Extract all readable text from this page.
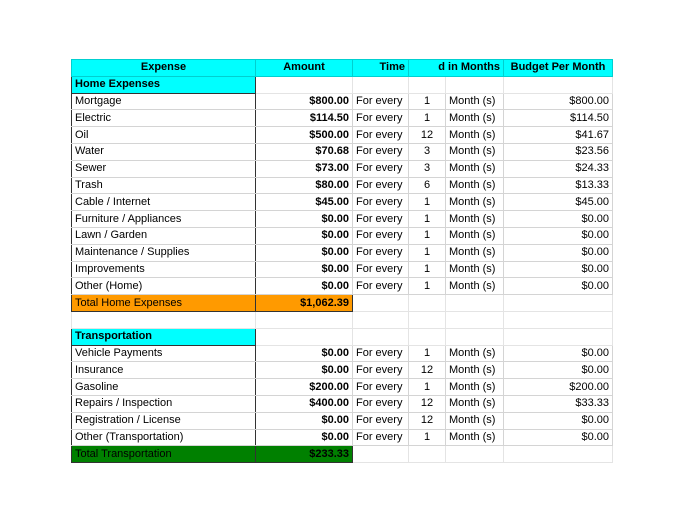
Expense	Amount	Time	d in Months		Budget Per Month
Home Expenses					
Mortgage	$800.00	For every	1	Month (s)	$800.00
Electric	$114.50	For every	1	Month (s)	$114.50
Oil	$500.00	For every	12	Month (s)	$41.67
Water	$70.68	For every	3	Month (s)	$23.56
Sewer	$73.00	For every	3	Month (s)	$24.33
Trash	$80.00	For every	6	Month (s)	$13.33
Cable / Internet	$45.00	For every	1	Month (s)	$45.00
Furniture / Appliances	$0.00	For every	1	Month (s)	$0.00
Lawn / Garden	$0.00	For every	1	Month (s)	$0.00
Maintenance / Supplies	$0.00	For every	1	Month (s)	$0.00
Improvements	$0.00	For every	1	Month (s)	$0.00
Other (Home)	$0.00	For every	1	Month (s)	$0.00
Total Home Expenses	$1,062.39				

Transportation					
Vehicle Payments	$0.00	For every	1	Month (s)	$0.00
Insurance	$0.00	For every	12	Month (s)	$0.00
Gasoline	$200.00	For every	1	Month (s)	$200.00
Repairs / Inspection	$400.00	For every	12	Month (s)	$33.33
Registration / License	$0.00	For every	12	Month (s)	$0.00
Other (Transportation)	$0.00	For every	1	Month (s)	$0.00
Total Transportation	$233.33				
